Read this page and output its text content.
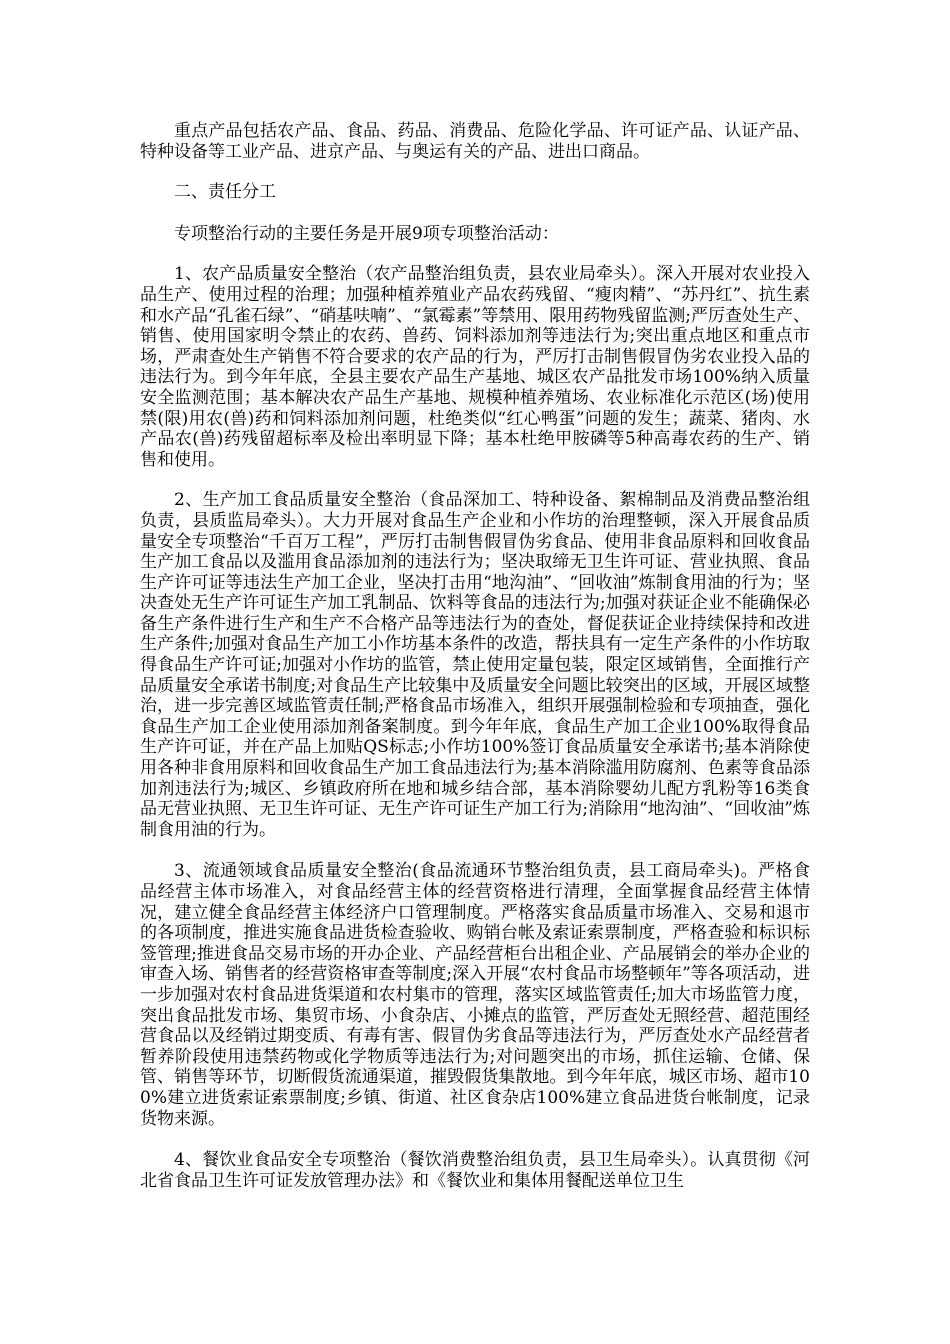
重点产品包括农产品、食品、药品、消费品、危险化学品、许可证产品、认证产品、特种设备等工业产品、进京产品、与奥运有关的产品、进出口商品。

二、责任分工

专项整治行动的主要任务是开展9项专项整治活动：

1、农产品质量安全整治（农产品整治组负责，县农业局牵头）。深入开展对农业投入品生产、使用过程的治理；加强种植养殖业产品农药残留、“瘦肉精”、“苏丹红”、抗生素和水产品“孔雀石绿”、“硝基呋喃”、“氯霉素”等禁用、限用药物残留监测;严厉查处生产、销售、使用国家明令禁止的农药、兽药、饲料添加剂等违法行为;突出重点地区和重点市场，严肃查处生产销售不符合要求的农产品的行为，严厉打击制售假冒伪劣农业投入品的违法行为。到今年年底，全县主要农产品生产基地、城区农产品批发市场100%纳入质量安全监测范围；基本解决农产品生产基地、规模种植养殖场、农业标准化示范区(场)使用禁(限)用农(兽)药和饲料添加剂问题，杜绝类似“红心鸭蛋”问题的发生；蔬菜、猪肉、水产品农(兽)药残留超标率及检出率明显下降；基本杜绝甲胺磷等5种高毒农药的生产、销售和使用。

2、生产加工食品质量安全整治（食品深加工、特种设备、絮棉制品及消费品整治组负责，县质监局牵头）。大力开展对食品生产企业和小作坊的治理整顿，深入开展食品质量安全专项整治“千百万工程”，严厉打击制售假冒伪劣食品、使用非食品原料和回收食品生产加工食品以及滥用食品添加剂的违法行为；坚决取缔无卫生许可证、营业执照、食品生产许可证等违法生产加工企业，坚决打击用“地沟油”、“回收油”炼制食用油的行为；坚决查处无生产许可证生产加工乳制品、饮料等食品的违法行为;加强对获证企业不能确保必备生产条件进行生产和生产不合格产品等违法行为的查处，督促获证企业持续保持和改进生产条件;加强对食品生产加工小作坊基本条件的改造，帮扶具有一定生产条件的小作坊取得食品生产许可证;加强对小作坊的监管，禁止使用定量包装，限定区域销售，全面推行产品质量安全承诺书制度;对食品生产比较集中及质量安全问题比较突出的区域，开展区域整治，进一步完善区域监管责任制;严格食品市场准入，组织开展强制检验和专项抽查，强化食品生产加工企业使用添加剂备案制度。到今年年底，食品生产加工企业100%取得食品生产许可证，并在产品上加贴QS标志;小作坊100%签订食品质量安全承诺书;基本消除使用各种非食用原料和回收食品生产加工食品违法行为;基本消除滥用防腐剂、色素等食品添加剂违法行为;城区、乡镇政府所在地和城乡结合部，基本消除婴幼儿配方乳粉等16类食品无营业执照、无卫生许可证、无生产许可证生产加工行为;消除用“地沟油”、“回收油”炼制食用油的行为。

3、流通领域食品质量安全整治(食品流通环节整治组负责，县工商局牵头)。严格食品经营主体市场准入，对食品经营主体的经营资格进行清理，全面掌握食品经营主体情况，建立健全食品经营主体经济户口管理制度。严格落实食品质量市场准入、交易和退市的各项制度，推进实施食品进货检查验收、购销台帐及索证索票制度，严格查验和标识标签管理;推进食品交易市场的开办企业、产品经营柜台出租企业、产品展销会的举办企业的审查入场、销售者的经营资格审查等制度;深入开展“农村食品市场整顿年”等各项活动，进一步加强对农村食品进货渠道和农村集市的管理，落实区域监管责任;加大市场监管力度，突出食品批发市场、集贸市场、小食杂店、小摊点的监管，严厉查处无照经营、超范围经营食品以及经销过期变质、有毒有害、假冒伪劣食品等违法行为，严厉查处水产品经营者暂养阶段使用违禁药物或化学物质等违法行为;对问题突出的市场，抓住运输、仓储、保管、销售等环节，切断假货流通渠道，摧毁假货集散地。到今年年底，城区市场、超市100%建立进货索证索票制度;乡镇、街道、社区食杂店100%建立食品进货台帐制度，记录货物来源。

4、餐饮业食品安全专项整治（餐饮消费整治组负责，县卫生局牵头）。认真贯彻《河北省食品卫生许可证发放管理办法》和《餐饮业和集体用餐配送单位卫生
